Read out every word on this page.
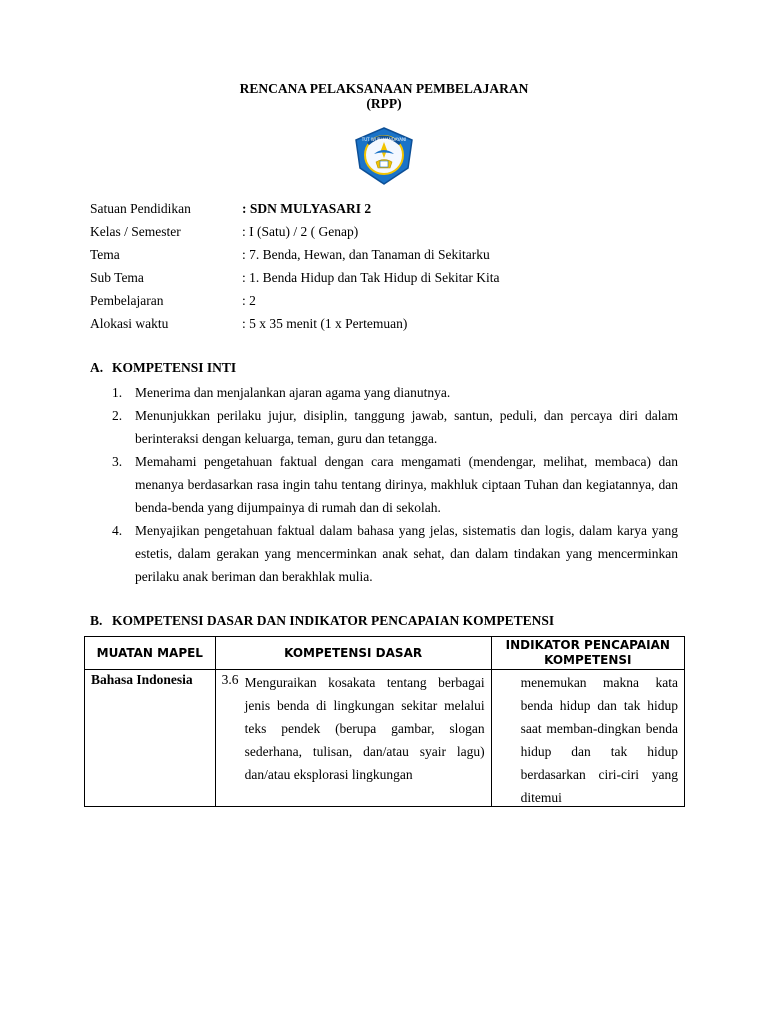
RENCANA PELAKSANAAN PEMBELAJARAN
(RPP)
TUT WURI HANDAYANI
Satuan Pendidikan	: SDN MULYASARI 2
Kelas / Semester	: I (Satu) / 2 ( Genap)
Tema	: 7. Benda, Hewan, dan Tanaman di Sekitarku
Sub Tema	: 1. Benda Hidup dan Tak Hidup di Sekitar Kita
Pembelajaran	: 2
Alokasi waktu	: 5 x 35 menit (1 x Pertemuan)
A. KOMPETENSI INTI
1. Menerima dan menjalankan ajaran agama yang dianutnya.
2. Menunjukkan perilaku jujur, disiplin, tanggung jawab, santun, peduli, dan percaya diri dalam berinteraksi dengan keluarga, teman, guru dan tetangga.
3. Memahami pengetahuan faktual dengan cara mengamati (mendengar, melihat, membaca) dan menanya berdasarkan rasa ingin tahu tentang dirinya, makhluk ciptaan Tuhan dan kegiatannya, dan benda-benda yang dijumpainya di rumah dan di sekolah.
4. Menyajikan pengetahuan faktual dalam bahasa yang jelas, sistematis dan logis, dalam karya yang estetis, dalam gerakan yang mencerminkan anak sehat, dan dalam tindakan yang mencerminkan perilaku anak beriman dan berakhlak mulia.
B. KOMPETENSI DASAR DAN INDIKATOR PENCAPAIAN KOMPETENSI
MUATAN MAPEL	KOMPETENSI DASAR	INDIKATOR PENCAPAIAN KOMPETENSI

Bahasa Indonesia	3.6 Menguraikan kosakata tentang berbagai jenis benda di lingkungan sekitar melalui teks pendek (berupa gambar, slogan sederhana, tulisan, dan/atau syair lagu) dan/atau eksplorasi lingkungan	menemukan makna kata benda hidup dan tak hidup saat memban-dingkan benda hidup dan tak hidup berdasarkan ciri-ciri yang ditemui
